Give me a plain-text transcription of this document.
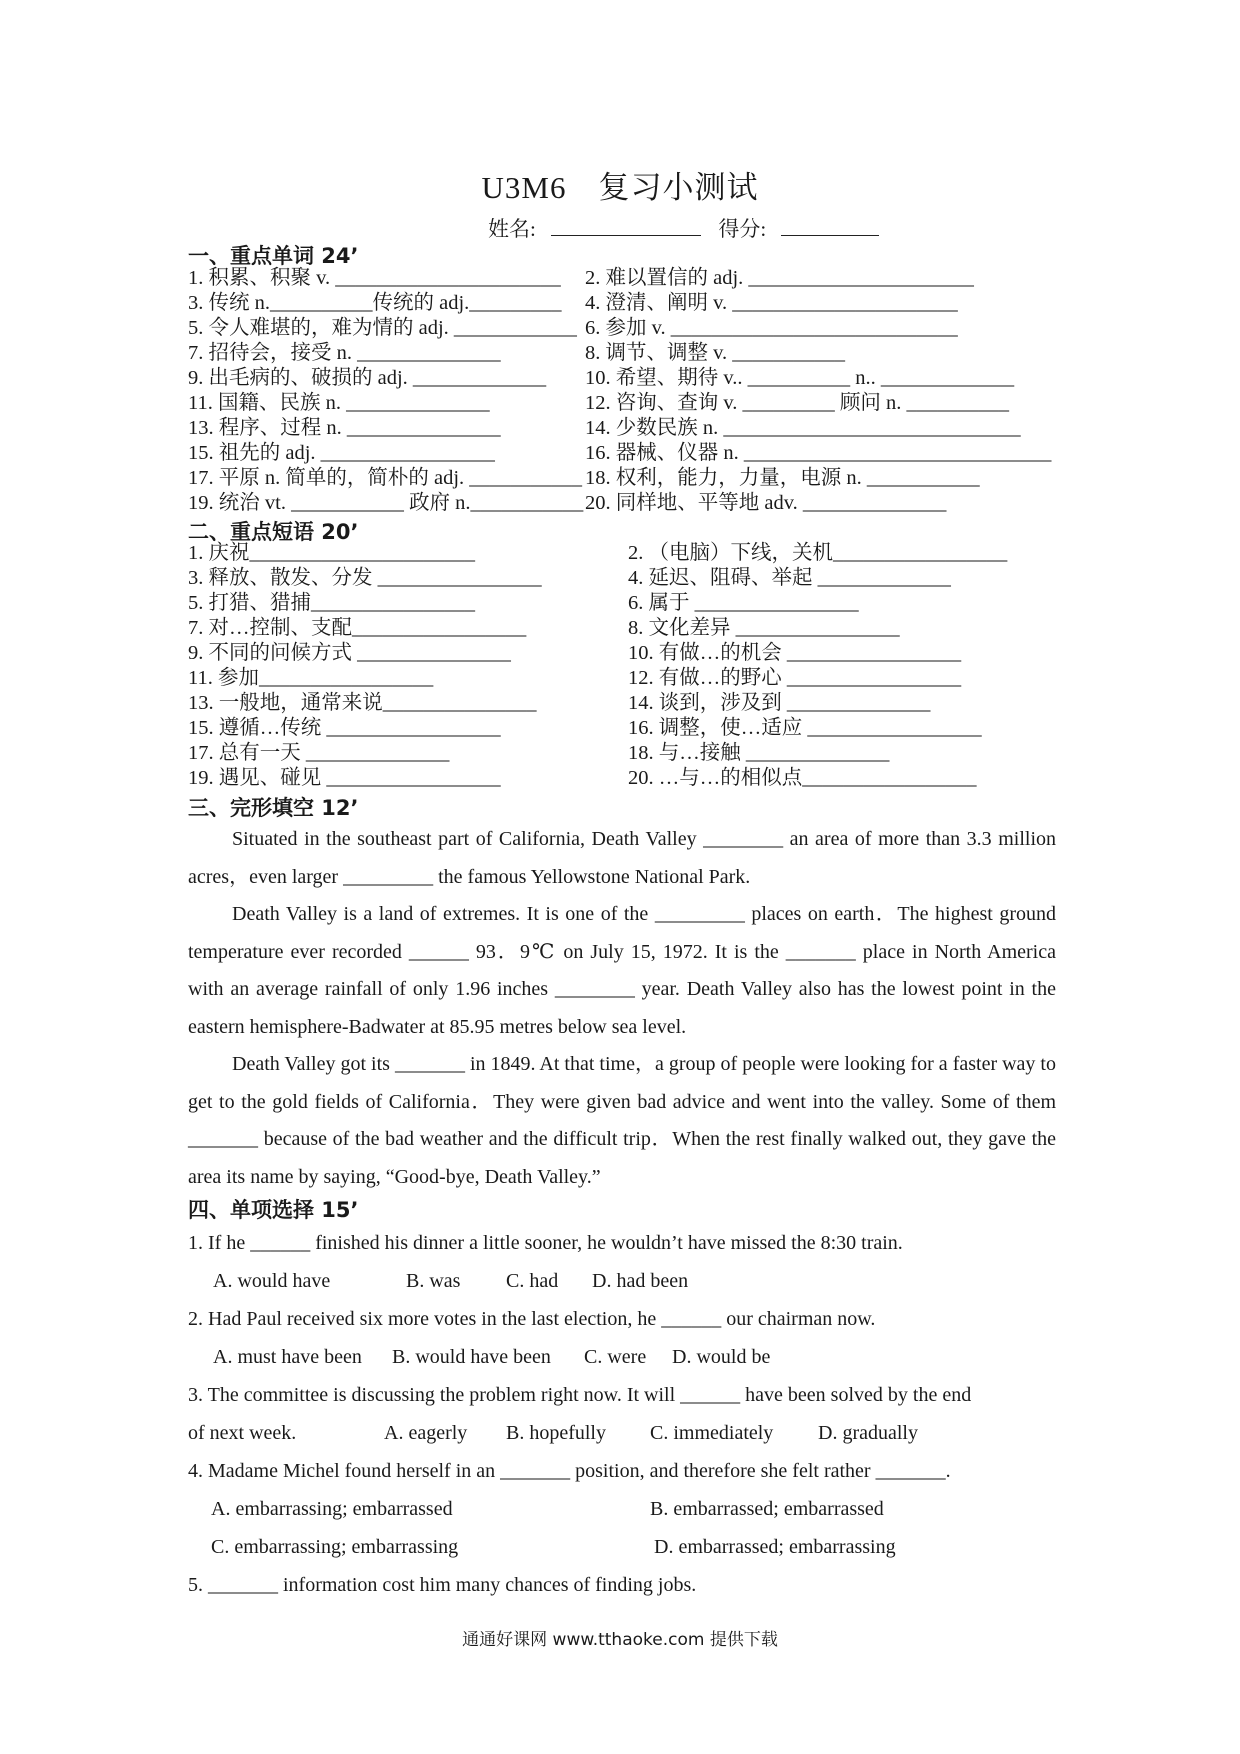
U3M6　复习小测试
姓名:	得分:
一、重点单词 24’
1. 积累、积聚 v. ______________________	2. 难以置信的 adj. ______________________
3. 传统 n.__________传统的 adj._________	4. 澄清、阐明 v. ______________________
5. 令人难堪的，难为情的 adj. ____________ 6. 参加 v. ____________________________
7. 招待会，接受 n. ______________	8. 调节、调整 v. ___________
9. 出毛病的、破损的 adj. _____________	10. 希望、期待 v.. __________ n.. _____________
11. 国籍、民族 n. ______________	12. 咨询、查询 v. _________ 顾问 n. __________
13. 程序、过程 n. _______________	14. 少数民族 n. _____________________________
15. 祖先的 adj. _________________	16. 器械、仪器 n. ______________________________
17. 平原 n. 简单的，简朴的 adj. ___________ 18. 权利，能力，力量，电源 n. ___________
19. 统治 vt. ___________ 政府 n.___________ 20. 同样地、平等地 adv. ______________
二、重点短语 20’
1. 庆祝______________________	2. （电脑）下线，关机_________________
3. 释放、散发、分发 ________________	4. 延迟、阻碍、举起 _____________
5. 打猎、猎捕________________	6. 属于 ________________
7. 对…控制、支配_________________	8. 文化差异 ________________
9. 不同的问候方式 _______________	10. 有做…的机会 _________________
11. 参加_________________	12. 有做…的野心 _________________
13. 一般地，通常来说_______________	14. 谈到，涉及到 ______________
15. 遵循…传统 _________________	16. 调整，使…适应 _________________
17. 总有一天 ______________	18. 与…接触 ______________
19. 遇见、碰见 _________________	20. …与…的相似点_________________
三、完形填空 12’

Situated in the southeast part of California, Death Valley ________ an area of more than 3.3 million acres，even larger _________ the famous Yellowstone National Park.

Death Valley is a land of extremes. It is one of the _________ places on earth．The highest ground temperature ever recorded ______ 93．9℃ on July 15, 1972. It is the _______ place in North America with an average rainfall of only 1.96 inches ________ year. Death Valley also has the lowest point in the eastern hemisphere-Badwater at 85.95 metres below sea level.

Death Valley got its _______ in 1849. At that time，a group of people were looking for a faster way to get to the gold fields of California．They were given bad advice and went into the valley. Some of them _______ because of the bad weather and the difficult trip．When the rest finally walked out, they gave the area its name by saying, “Good-bye, Death Valley.”

四、单项选择 15’
1. If he ______ finished his dinner a little sooner, he wouldn’t have missed the 8:30 train.
A. would have	B. was C. had D. had been
2. Had Paul received six more votes in the last election, he ______ our chairman now.
A. must have been B. would have been C. were D. would be
3. The committee is discussing the problem right now. It will ______ have been solved by the end
of next week.	A. eagerly B. hopefully C. immediately D. gradually
4. Madame Michel found herself in an _______ position, and therefore she felt rather _______.
A. embarrassing; embarrassed	B. embarrassed; embarrassed
C. embarrassing; embarrassing	D. embarrassed; embarrassing
5. _______ information cost him many chances of finding jobs.
通通好课网 www.tthaoke.com 提供下载
